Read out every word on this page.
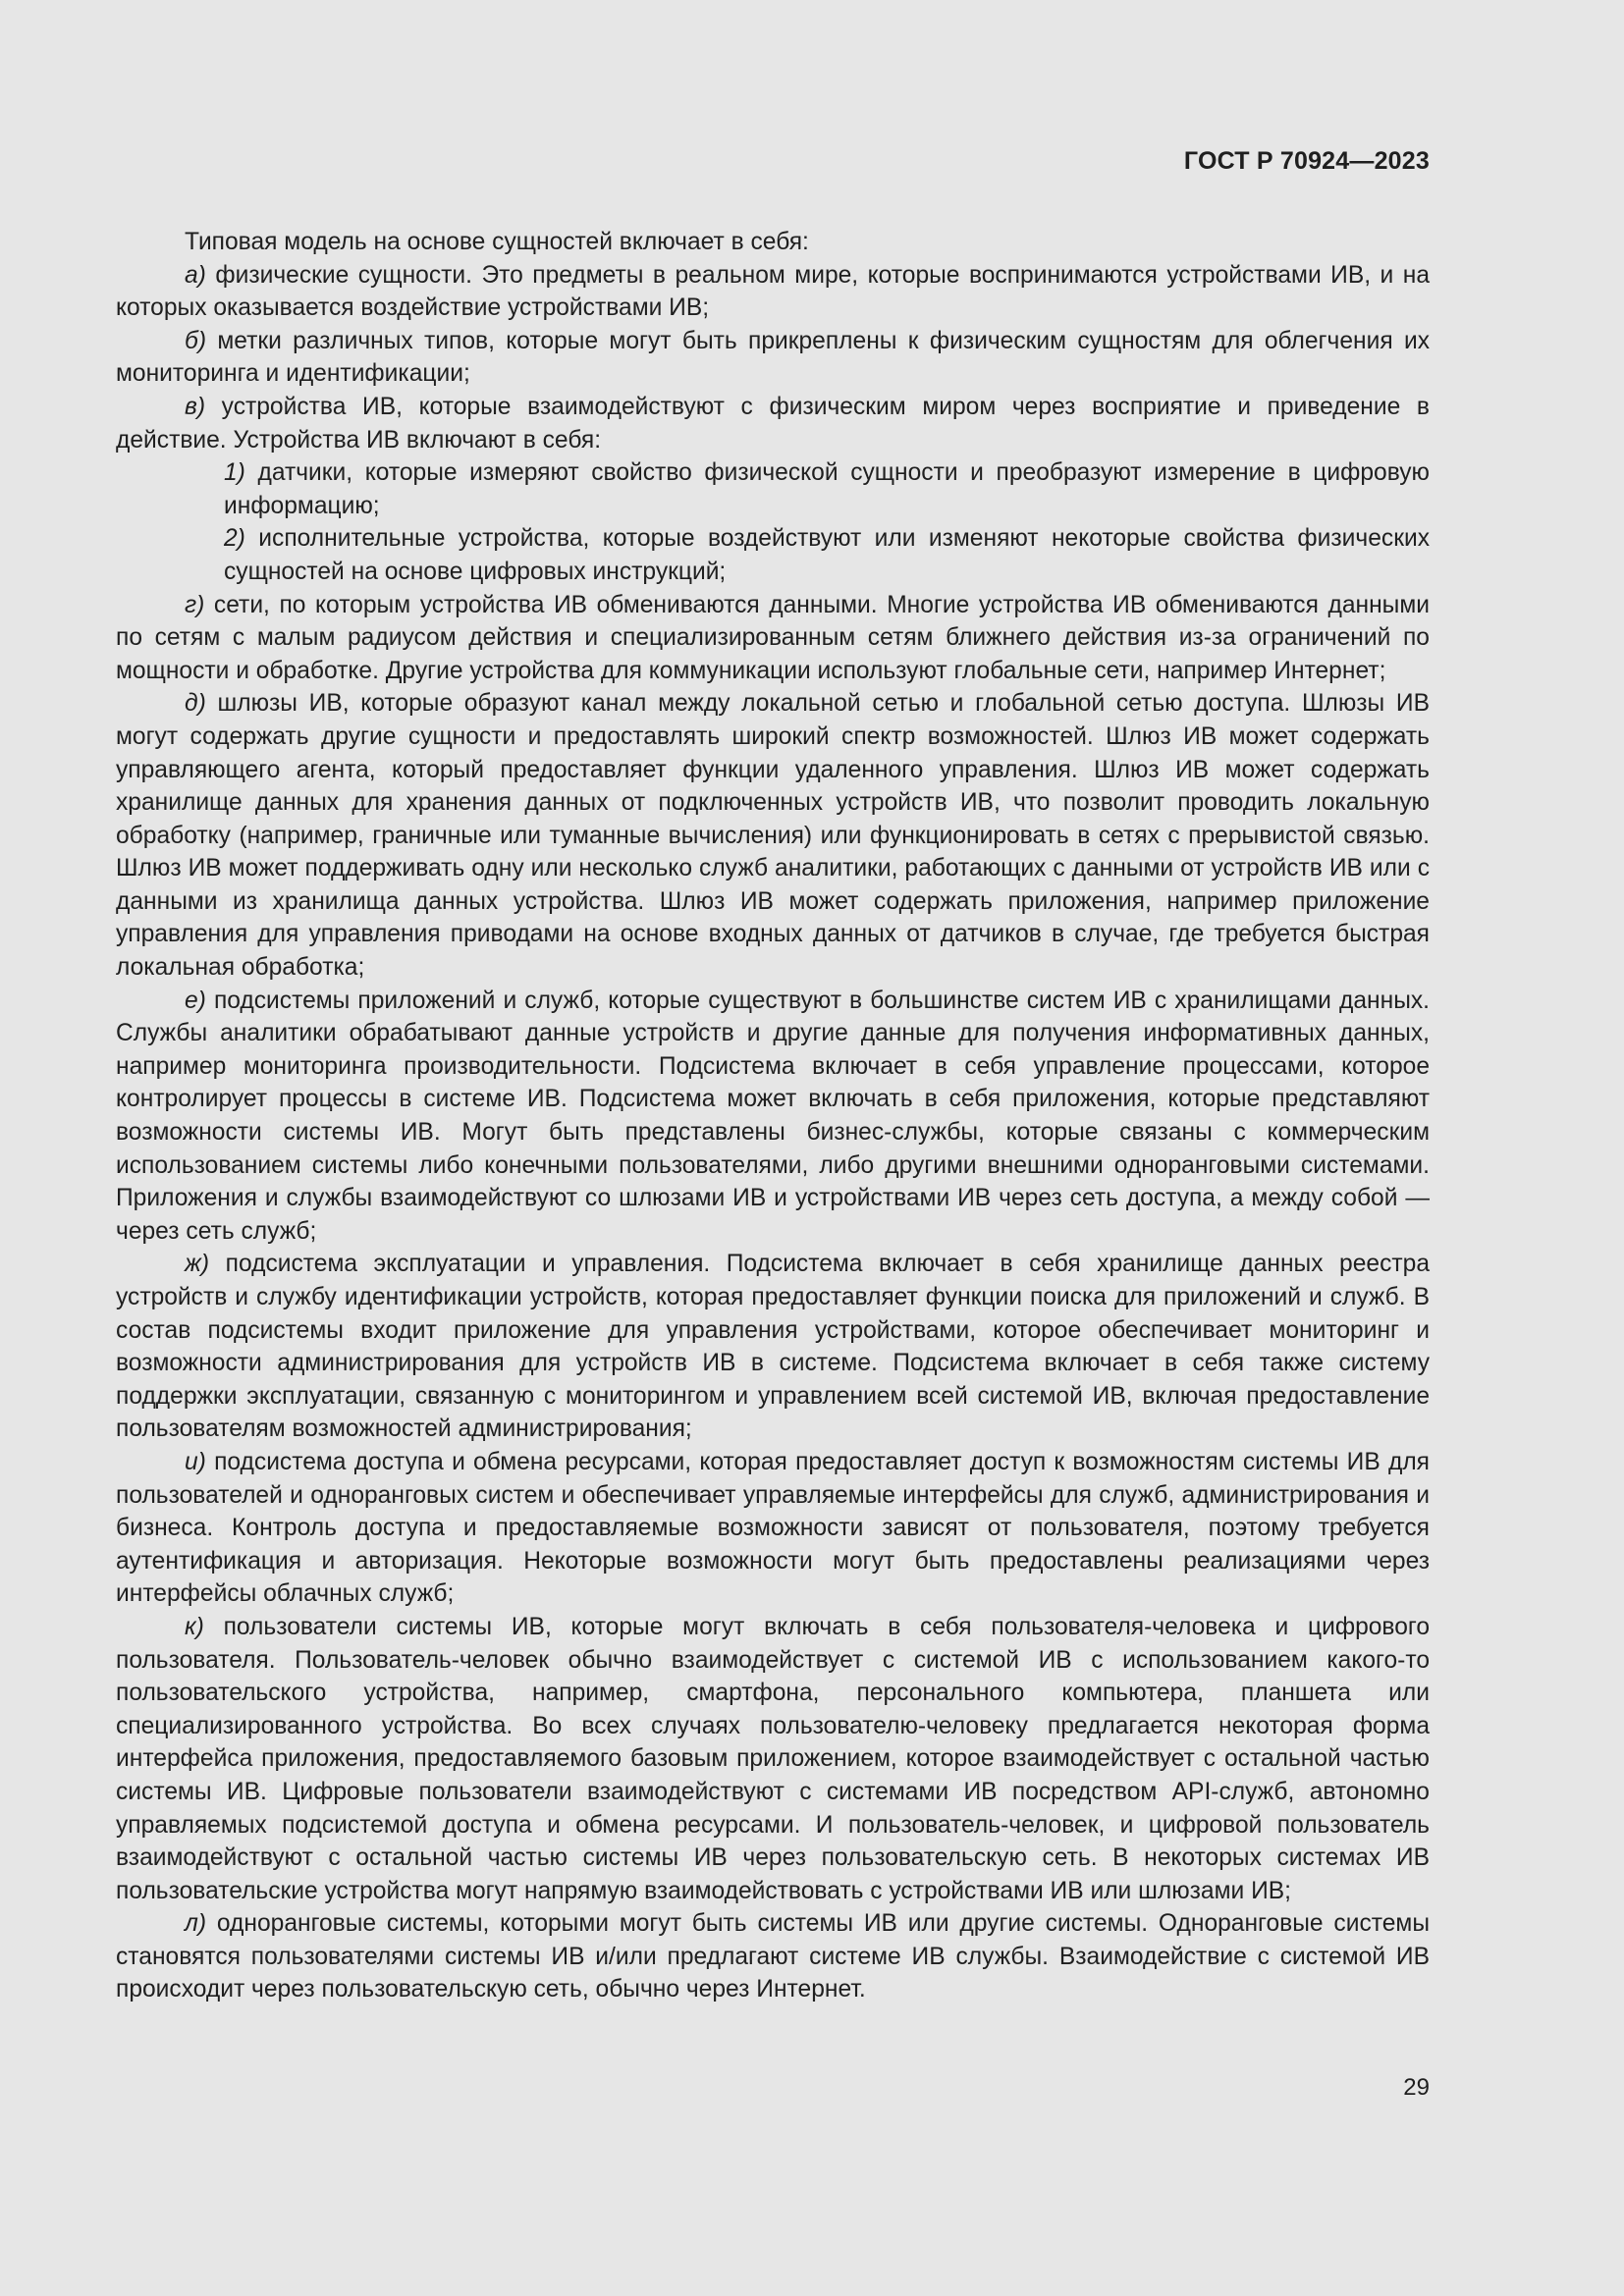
ГОСТ Р 70924—2023

Типовая модель на основе сущностей включает в себя:

а) физические сущности. Это предметы в реальном мире, которые воспринимаются устройствами ИВ, и на которых оказывается воздействие устройствами ИВ;

б) метки различных типов, которые могут быть прикреплены к физическим сущностям для облегчения их мониторинга и идентификации;

в) устройства ИВ, которые взаимодействуют с физическим миром через восприятие и приведение в действие. Устройства ИВ включают в себя:

1) датчики, которые измеряют свойство физической сущности и преобразуют измерение в цифровую информацию;

2) исполнительные устройства, которые воздействуют или изменяют некоторые свойства физических сущностей на основе цифровых инструкций;

г) сети, по которым устройства ИВ обмениваются данными. Многие устройства ИВ обмениваются данными по сетям с малым радиусом действия и специализированным сетям ближнего действия из-за ограничений по мощности и обработке. Другие устройства для коммуникации используют глобальные сети, например Интернет;

д) шлюзы ИВ, которые образуют канал между локальной сетью и глобальной сетью доступа. Шлюзы ИВ могут содержать другие сущности и предоставлять широкий спектр возможностей. Шлюз ИВ может содержать управляющего агента, который предоставляет функции удаленного управления. Шлюз ИВ может содержать хранилище данных для хранения данных от подключенных устройств ИВ, что позволит проводить локальную обработку (например, граничные или туманные вычисления) или функционировать в сетях с прерывистой связью. Шлюз ИВ может поддерживать одну или несколько служб аналитики, работающих с данными от устройств ИВ или с данными из хранилища данных устройства. Шлюз ИВ может содержать приложения, например приложение управления для управления приводами на основе входных данных от датчиков в случае, где требуется быстрая локальная обработка;

е) подсистемы приложений и служб, которые существуют в большинстве систем ИВ с хранилищами данных. Службы аналитики обрабатывают данные устройств и другие данные для получения информативных данных, например мониторинга производительности. Подсистема включает в себя управление процессами, которое контролирует процессы в системе ИВ. Подсистема может включать в себя приложения, которые представляют возможности системы ИВ. Могут быть представлены бизнес-службы, которые связаны с коммерческим использованием системы либо конечными пользователями, либо другими внешними одноранговыми системами. Приложения и службы взаимодействуют со шлюзами ИВ и устройствами ИВ через сеть доступа, а между собой — через сеть служб;

ж) подсистема эксплуатации и управления. Подсистема включает в себя хранилище данных реестра устройств и службу идентификации устройств, которая предоставляет функции поиска для приложений и служб. В состав подсистемы входит приложение для управления устройствами, которое обеспечивает мониторинг и возможности администрирования для устройств ИВ в системе. Подсистема включает в себя также систему поддержки эксплуатации, связанную с мониторингом и управлением всей системой ИВ, включая предоставление пользователям возможностей администрирования;

и) подсистема доступа и обмена ресурсами, которая предоставляет доступ к возможностям системы ИВ для пользователей и одноранговых систем и обеспечивает управляемые интерфейсы для служб, администрирования и бизнеса. Контроль доступа и предоставляемые возможности зависят от пользователя, поэтому требуется аутентификация и авторизация. Некоторые возможности могут быть предоставлены реализациями через интерфейсы облачных служб;

к) пользователи системы ИВ, которые могут включать в себя пользователя-человека и цифрового пользователя. Пользователь-человек обычно взаимодействует с системой ИВ с использованием какого-то пользовательского устройства, например, смартфона, персонального компьютера, планшета или специализированного устройства. Во всех случаях пользователю-человеку предлагается некоторая форма интерфейса приложения, предоставляемого базовым приложением, которое взаимодействует с остальной частью системы ИВ. Цифровые пользователи взаимодействуют с системами ИВ посредством API-служб, автономно управляемых подсистемой доступа и обмена ресурсами. И пользователь-человек, и цифровой пользователь взаимодействуют с остальной частью системы ИВ через пользовательскую сеть. В некоторых системах ИВ пользовательские устройства могут напрямую взаимодействовать с устройствами ИВ или шлюзами ИВ;

л) одноранговые системы, которыми могут быть системы ИВ или другие системы. Одноранговые системы становятся пользователями системы ИВ и/или предлагают системе ИВ службы. Взаимодействие с системой ИВ происходит через пользовательскую сеть, обычно через Интернет.

29
